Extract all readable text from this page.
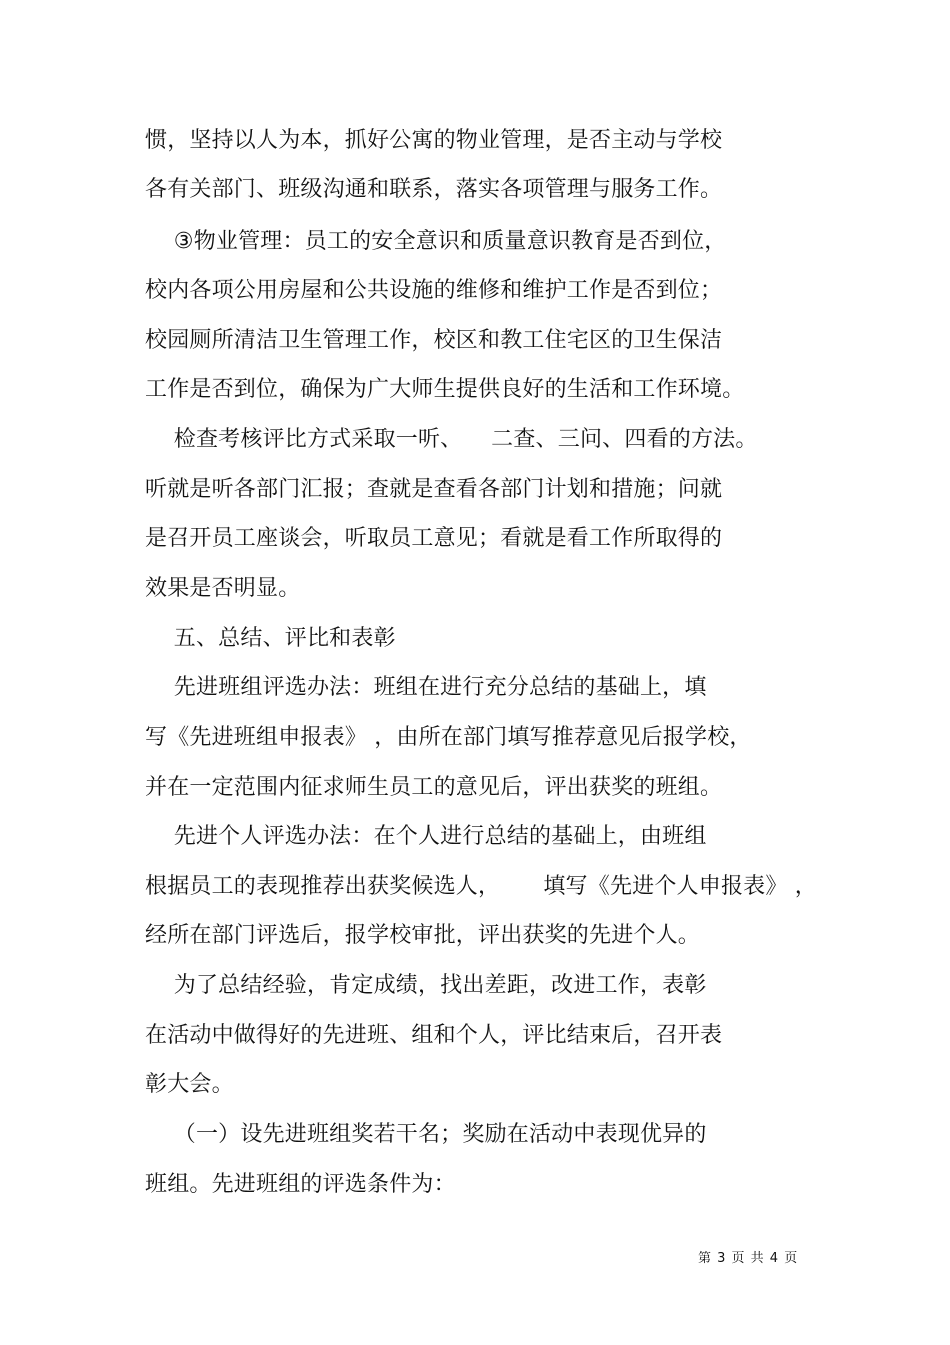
惯，坚持以人为本，抓好公寓的物业管理，是否主动与学校
各有关部门、班级沟通和联系，落实各项管理与服务工作。
③物业管理：员工的安全意识和质量意识教育是否到位，
校内各项公用房屋和公共设施的维修和维护工作是否到位；
校园厕所清洁卫生管理工作，校区和教工住宅区的卫生保洁
工作是否到位，确保为广大师生提供良好的生活和工作环境。
检查考核评比方式采取一听、    二查、三问、四看的方法。
听就是听各部门汇报；查就是查看各部门计划和措施；问就
是召开员工座谈会，听取员工意见；看就是看工作所取得的
效果是否明显。
五、总结、评比和表彰
先进班组评选办法：班组在进行充分总结的基础上，填
写《先进班组申报表》 ，由所在部门填写推荐意见后报学校，
并在一定范围内征求师生员工的意见后，评出获奖的班组。
先进个人评选办法：在个人进行总结的基础上，由班组
根据员工的表现推荐出获奖候选人，      填写《先进个人申报表》 ，
经所在部门评选后，报学校审批，评出获奖的先进个人。
为了总结经验，肯定成绩，找出差距，改进工作，表彰
在活动中做得好的先进班、组和个人，评比结束后，召开表
彰大会。
（一）设先进班组奖若干名；奖励在活动中表现优异的
班组。先进班组的评选条件为：
第 3 页 共 4 页
